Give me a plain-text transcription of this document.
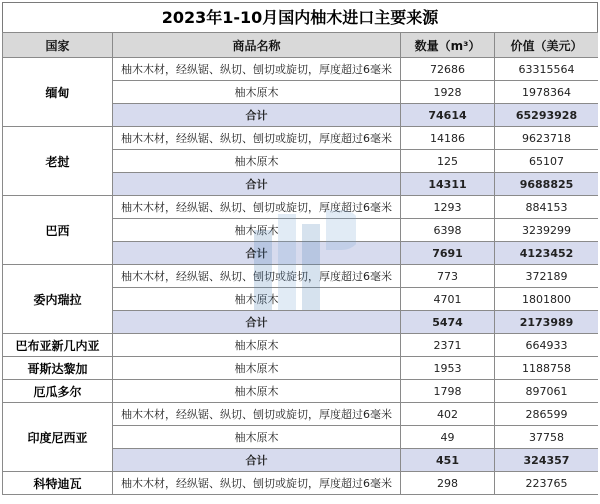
2023年1-10月国内柚木进口主要来源
国家	商品名称	数量（m³）	价值（美元）
缅甸	柚木木材，经纵锯、纵切、刨切或旋切，厚度超过6毫米	72686	63315564
	柚木原木	1928	1978364
	合计	74614	65293928
老挝	柚木木材，经纵锯、纵切、刨切或旋切，厚度超过6毫米	14186	9623718
	柚木原木	125	65107
	合计	14311	9688825
巴西	柚木木材，经纵锯、纵切、刨切或旋切，厚度超过6毫米	1293	884153
	柚木原木	6398	3239299
	合计	7691	4123452
委内瑞拉	柚木木材，经纵锯、纵切、刨切或旋切，厚度超过6毫米	773	372189
	柚木原木	4701	1801800
	合计	5474	2173989
巴布亚新几内亚	柚木原木	2371	664933
哥斯达黎加	柚木原木	1953	1188758
厄瓜多尔	柚木原木	1798	897061
印度尼西亚	柚木木材，经纵锯、纵切、刨切或旋切，厚度超过6毫米	402	286599
	柚木原木	49	37758
	合计	451	324357
科特迪瓦	柚木木材，经纵锯、纵切、刨切或旋切，厚度超过6毫米	298	223765
